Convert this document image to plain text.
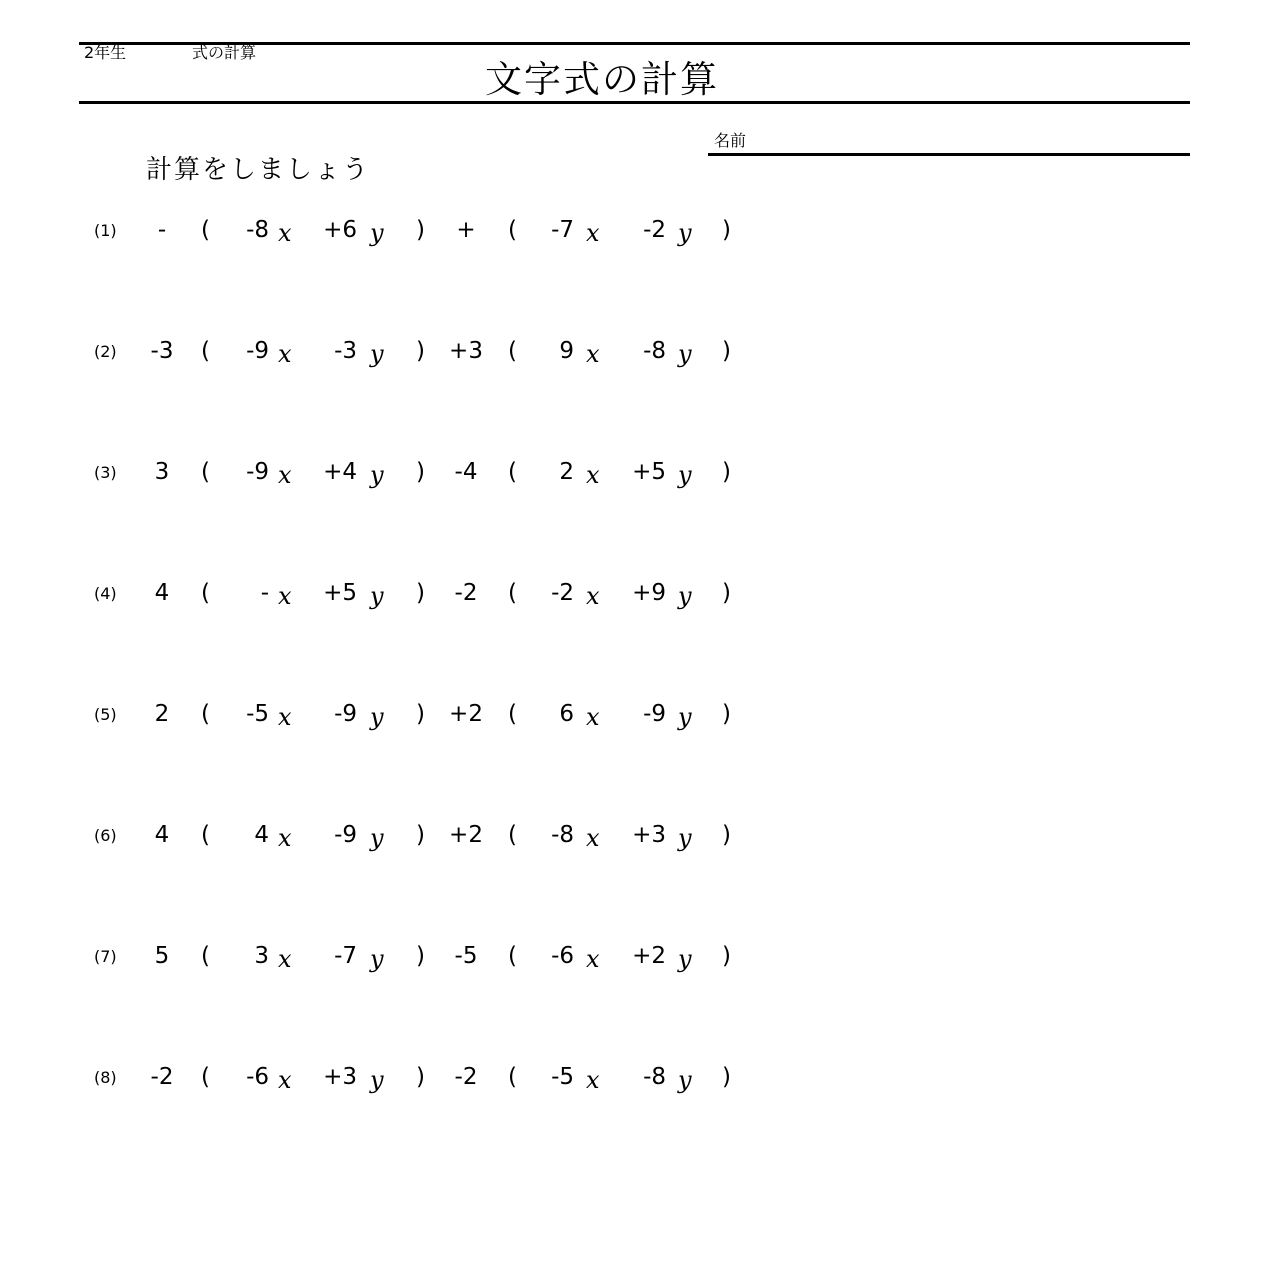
2年生	式の計算
文字式の計算
名前
計算をしましょう
(1)	-	(	-8 x	+6 y )	+	(	-7 x	-2 y )
(2) -3 (	-9 x	-3 y )	+3	(	9 x	-8 y )
(3)	3	(	-9 x	+4 y )	-4	(	2 x	+5 y )
(4)	4	(	- x	+5 y )	-2	(	-2 x	+9 y )
(5)	2	(	-5 x	-9 y )	+2	(	6 x	-9 y )
(6)	4	(	4 x	-9 y )	+2	(	-8 x	+3 y )
(7)	5	(	3 x	-7 y )	-5	(	-6 x	+2 y )
(8) -2 (	-6 x	+3 y )	-2	(	-5 x	-8 y )
